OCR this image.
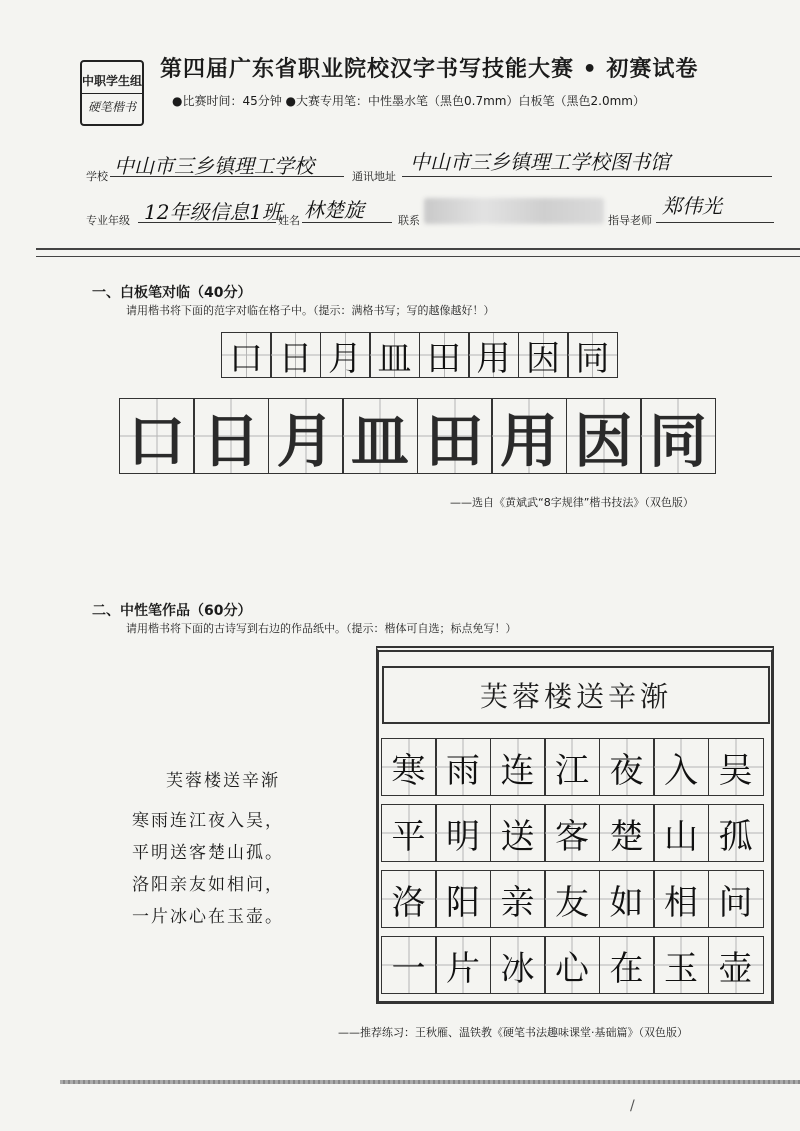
中职学生组
硬笔楷书
第四届广东省职业院校汉字书写技能大赛 • 初赛试卷
●比赛时间：45分钟 ●大赛专用笔：中性墨水笔（黑色0.7mm）白板笔（黑色2.0mm）
学校 中山市三乡镇理工学校	通讯地址
中山市三乡镇理工学校图书馆
专业年级 12年级信息1班
姓名 林楚旋	联系	指导老师
郑伟光
一、白板笔对临（40分）
请用楷书将下面的范字对临在格子中。（提示：满格书写；写的越像越好！）
口 日 月 皿 田 用 因 同
口 日 月 皿 田 用 因 同
——选自《黄斌武“8字规律”楷书技法》（双色版）
二、中性笔作品（60分）
请用楷书将下面的古诗写到右边的作品纸中。（提示：楷体可自选；标点免写！）
芙蓉楼送辛渐
寒雨连江夜入吴，
平明送客楚山孤。
洛阳亲友如相问，
一片冰心在玉壶。
芙蓉楼送辛渐
寒 雨 连 江 夜 入 吴
平 明 送 客 楚 山 孤
洛 阳 亲 友 如 相 问
一 片 冰 心 在 玉 壶
——推荐练习：王秋雁、温铁教《硬笔书法趣味课堂·基础篇》（双色版）
/
